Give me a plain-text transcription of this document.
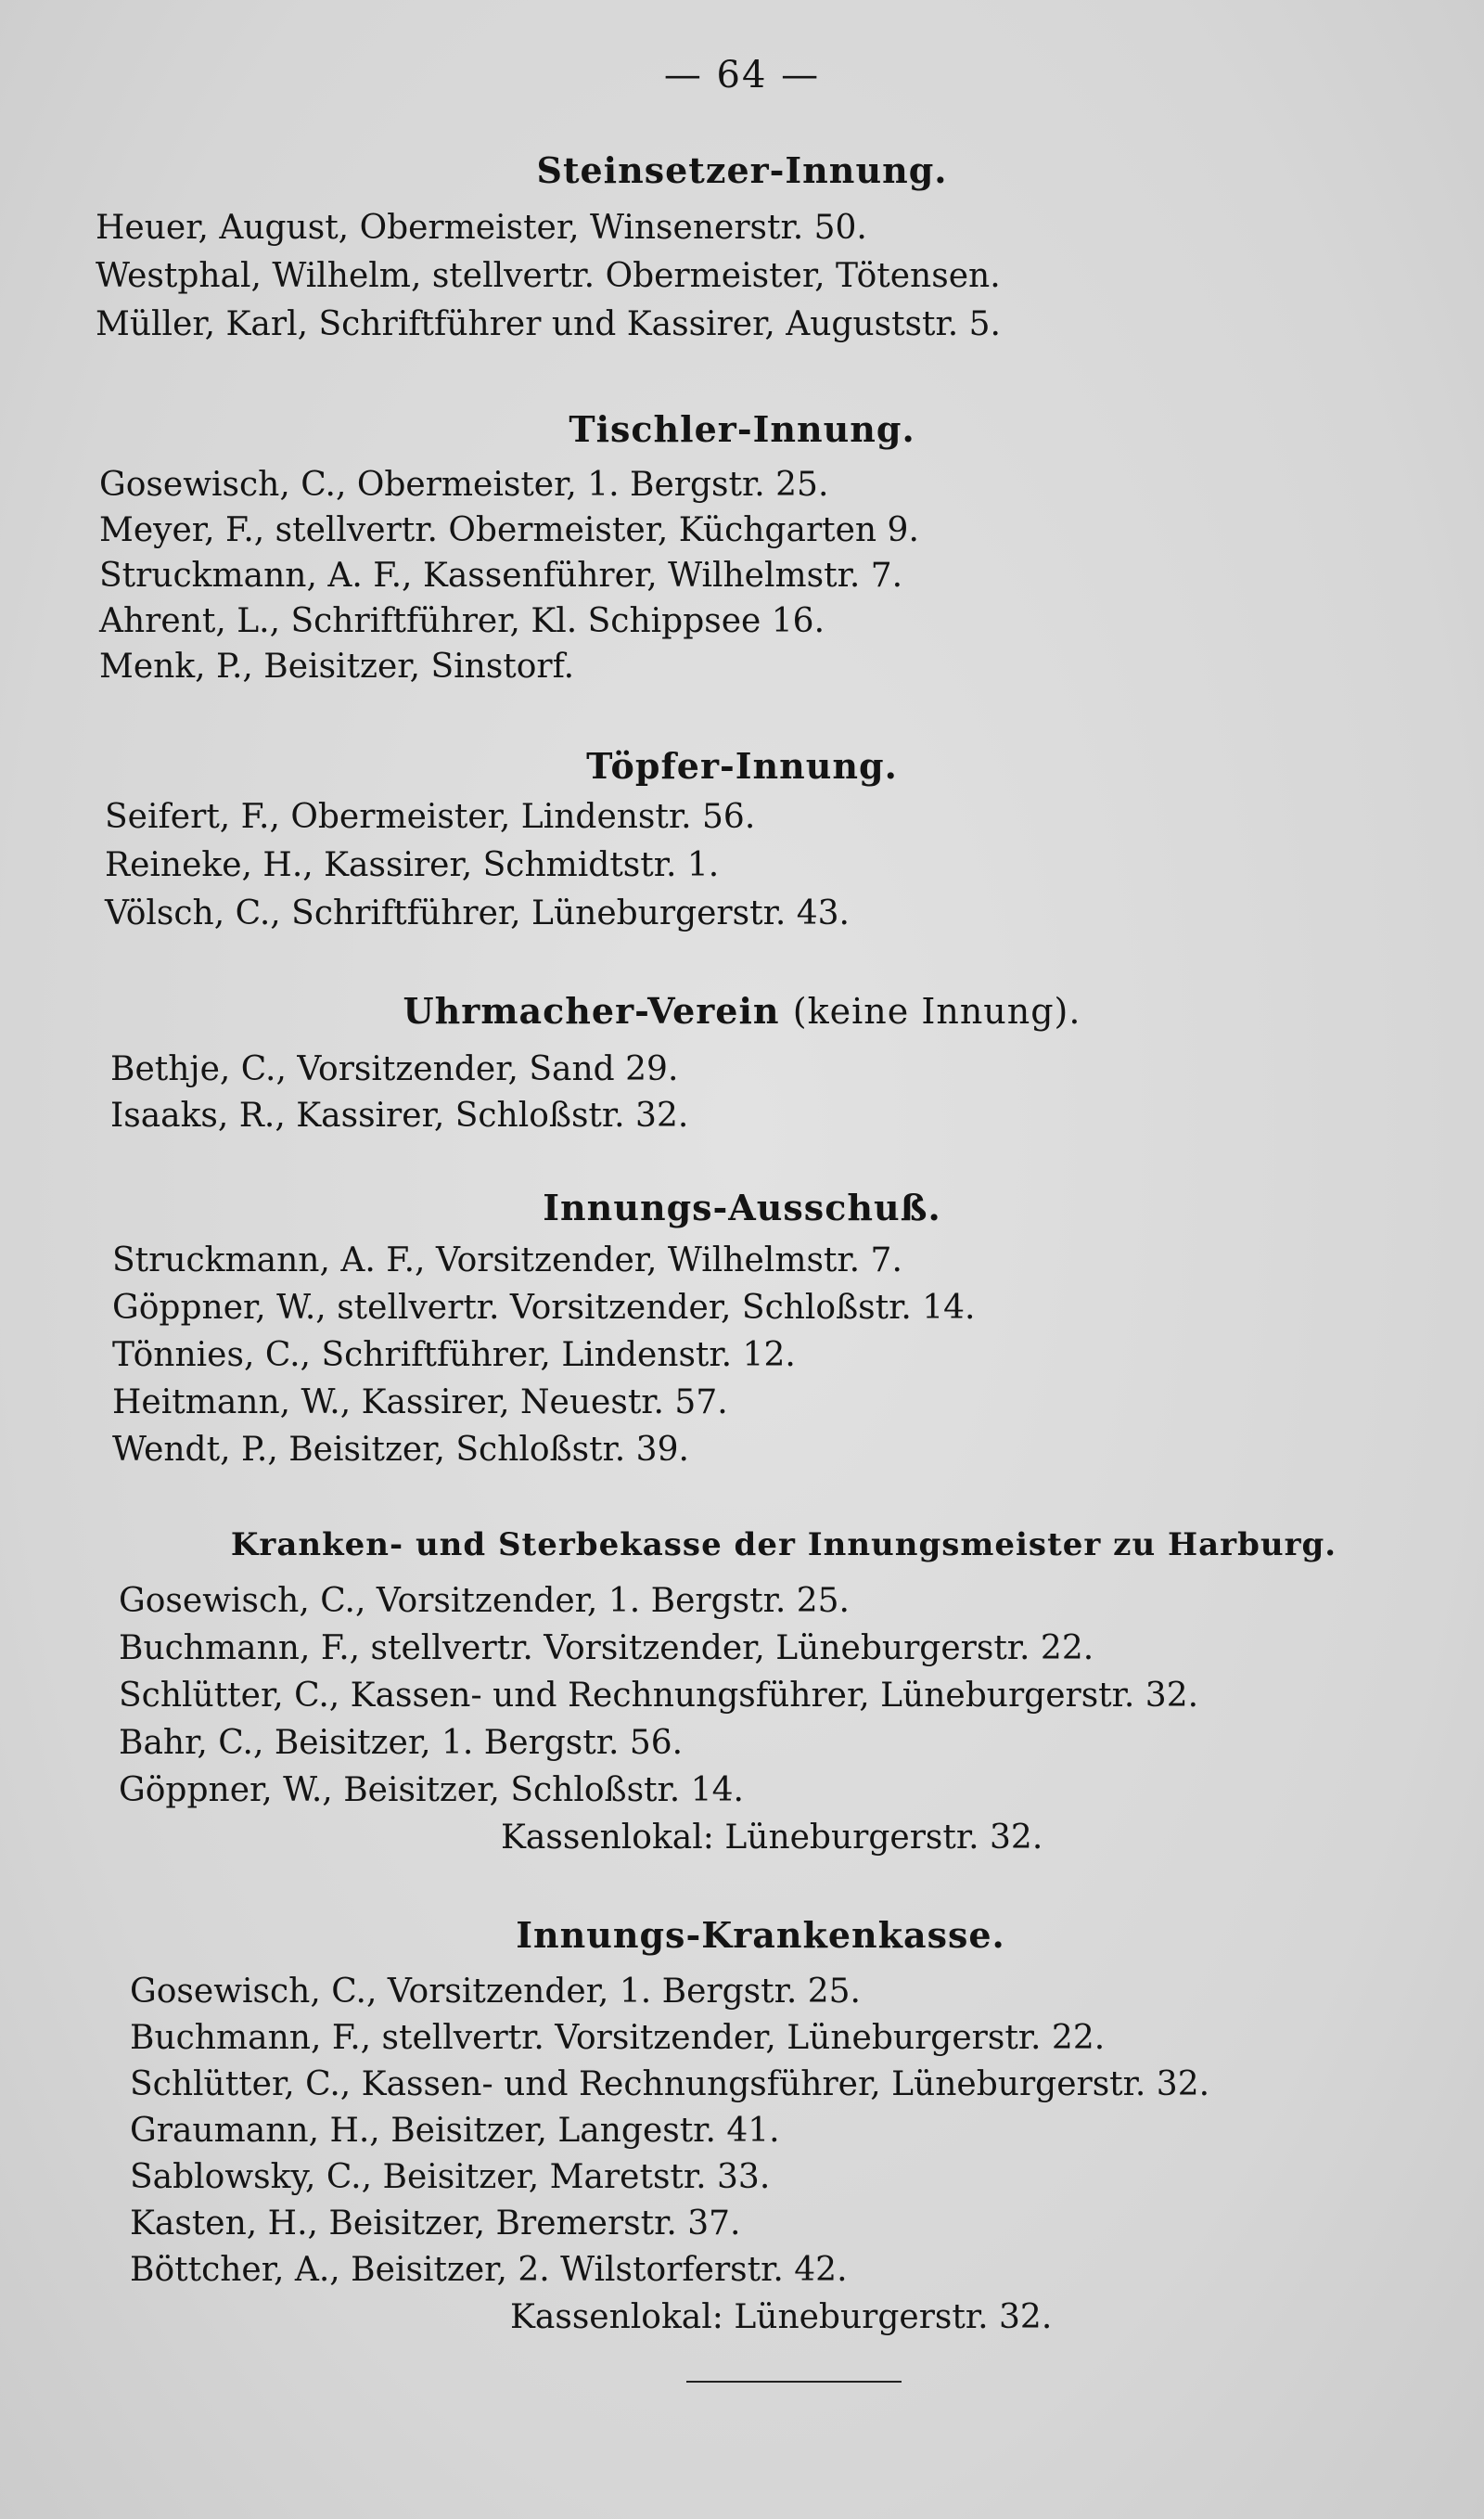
— 64 —
Steinsetzer-Innung.
Heuer, August, Obermeister, Winsenerstr. 50.
Westphal, Wilhelm, stellvertr. Obermeister, Tötensen.
Müller, Karl, Schriftführer und Kassirer, Auguststr. 5.
Tischler-Innung.
Gosewisch, C., Obermeister, 1. Bergstr. 25.
Meyer, F., stellvertr. Obermeister, Küchgarten 9.
Struckmann, A. F., Kassenführer, Wilhelmstr. 7.
Ahrent, L., Schriftführer, Kl. Schippsee 16.
Menk, P., Beisitzer, Sinstorf.
Töpfer-Innung.
Seifert, F., Obermeister, Lindenstr. 56.
Reineke, H., Kassirer, Schmidtstr. 1.
Völsch, C., Schriftführer, Lüneburgerstr. 43.
Uhrmacher-Verein (keine Innung).
Bethje, C., Vorsitzender, Sand 29.
Isaaks, R., Kassirer, Schloßstr. 32.
Innungs-Ausschuß.
Struckmann, A. F., Vorsitzender, Wilhelmstr. 7.
Göppner, W., stellvertr. Vorsitzender, Schloßstr. 14.
Tönnies, C., Schriftführer, Lindenstr. 12.
Heitmann, W., Kassirer, Neuestr. 57.
Wendt, P., Beisitzer, Schloßstr. 39.
Kranken- und Sterbekasse der Innungsmeister zu Harburg.
Gosewisch, C., Vorsitzender, 1. Bergstr. 25.
Buchmann, F., stellvertr. Vorsitzender, Lüneburgerstr. 22.
Schlütter, C., Kassen- und Rechnungsführer, Lüneburgerstr. 32.
Bahr, C., Beisitzer, 1. Bergstr. 56.
Göppner, W., Beisitzer, Schloßstr. 14.
Kassenlokal: Lüneburgerstr. 32.
Innungs-Krankenkasse.
Gosewisch, C., Vorsitzender, 1. Bergstr. 25.
Buchmann, F., stellvertr. Vorsitzender, Lüneburgerstr. 22.
Schlütter, C., Kassen- und Rechnungsführer, Lüneburgerstr. 32.
Graumann, H., Beisitzer, Langestr. 41.
Sablowsky, C., Beisitzer, Maretstr. 33.
Kasten, H., Beisitzer, Bremerstr. 37.
Böttcher, A., Beisitzer, 2. Wilstorferstr. 42.
Kassenlokal: Lüneburgerstr. 32.
